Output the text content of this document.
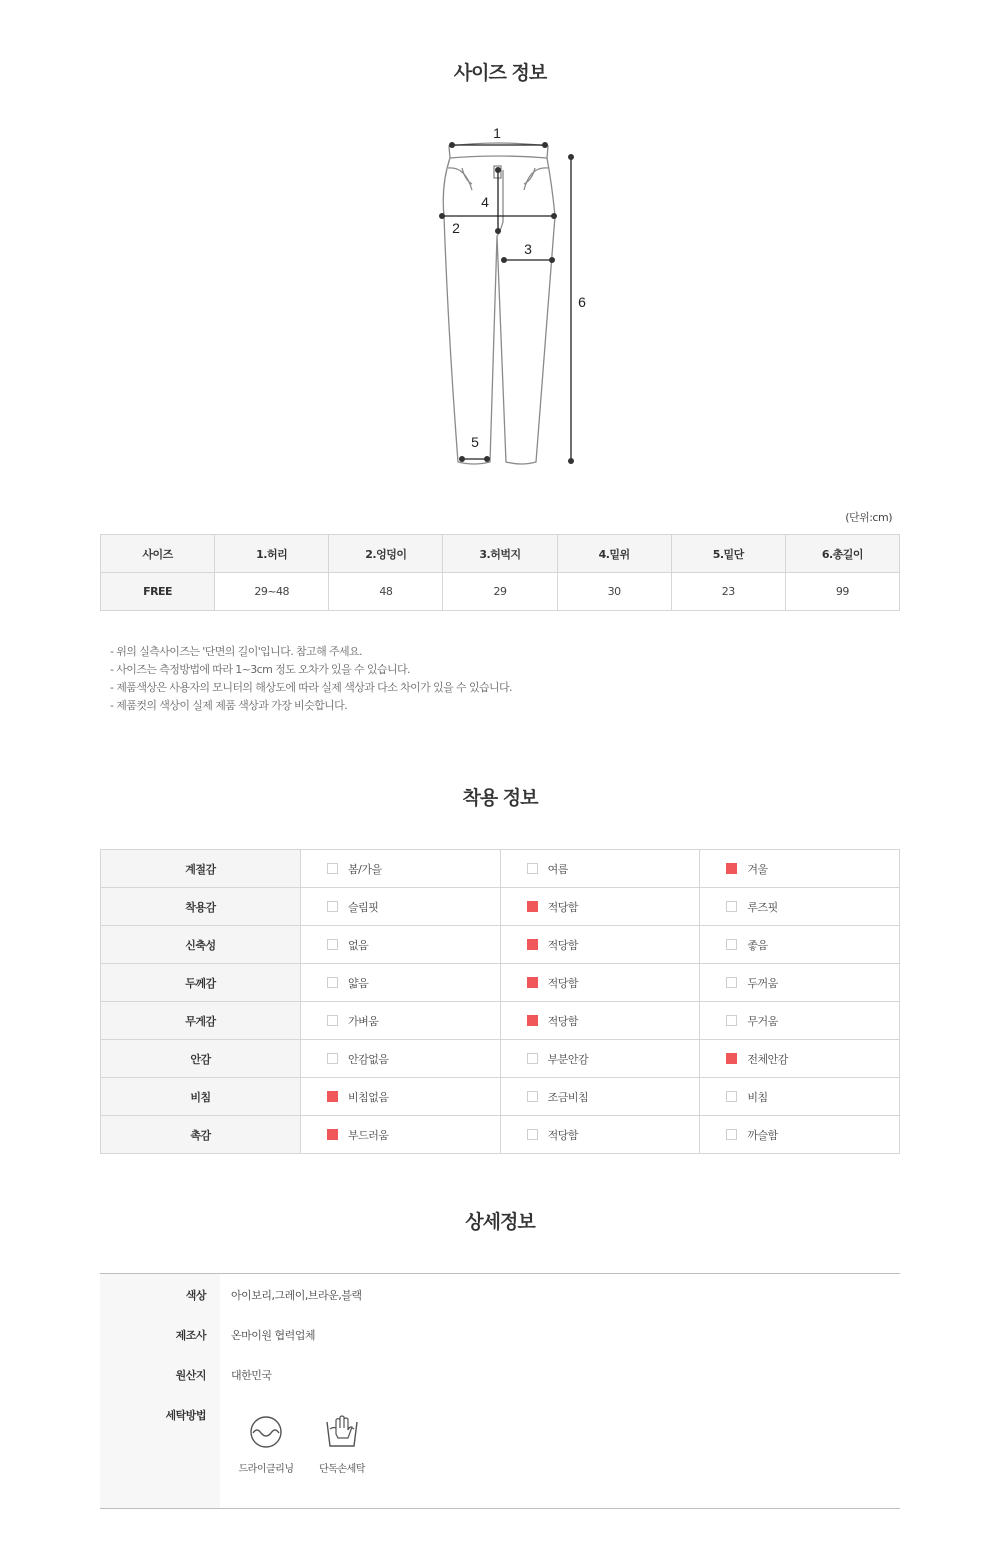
사이즈 정보
1
2
3
4
5
6
(단위:cm)
사이즈	1.허리	2.엉덩이	3.허벅지	4.밑위	5.밑단	6.총길이
FREE	29~48	48	29	30	23	99
- 위의 실측사이즈는 '단면의 길이'입니다. 참고해 주세요.
- 사이즈는 측정방법에 따라 1~3cm 정도 오차가 있을 수 있습니다.
- 제품색상은 사용자의 모니터의 해상도에 따라 실제 색상과 다소 차이가 있을 수 있습니다.
- 제품컷의 색상이 실제 제품 색상과 가장 비슷합니다.
착용 정보
계절감	봄/가을	여름	겨울
착용감	슬림핏	적당함	루즈핏
신축성	없음	적당함	좋음
두께감	얇음	적당함	두꺼움
무게감	가벼움	적당함	무거움
안감	안감없음	부분안감	전체안감
비침	비침없음	조금비침	비침
촉감	부드러움	적당함	까슬함
상세정보
색상 아이보리,그레이,브라운,블랙
제조사 온마이원 협력업체
원산지 대한민국
세탁방법
드라이클리닝	단독손세탁
